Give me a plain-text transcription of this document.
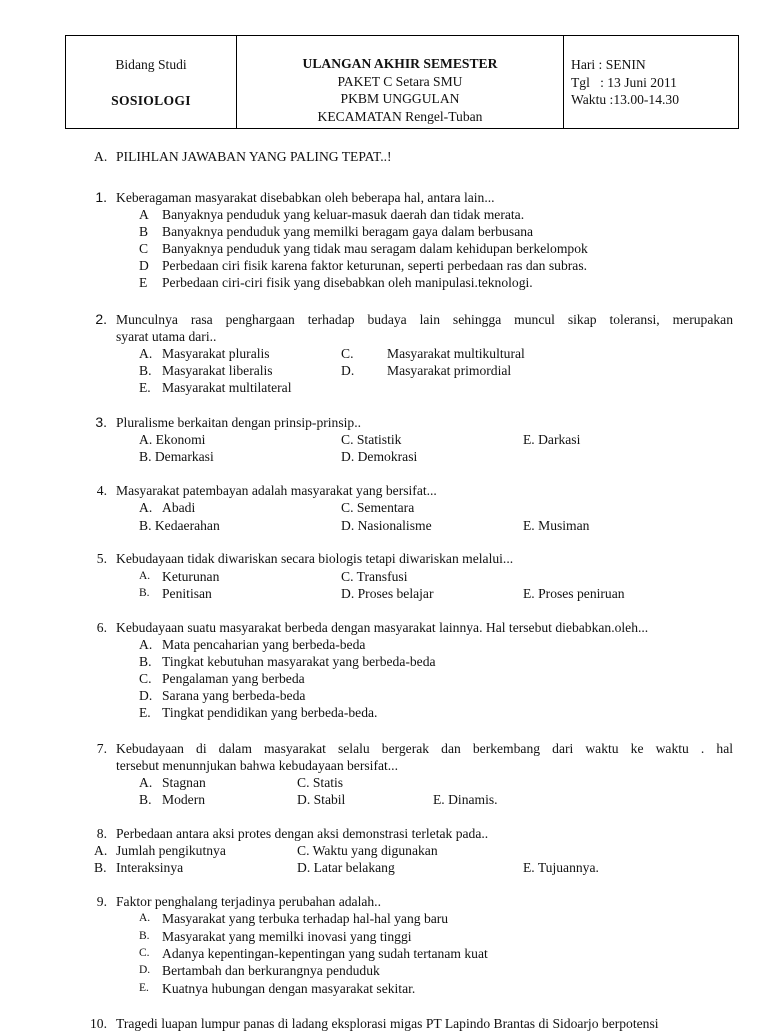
Bidang Studi
SOSIOLOGI
ULANGAN AKHIR SEMESTER
PAKET C Setara SMU
PKBM UNGGULAN
KECAMATAN Rengel-Tuban
Hari : SENIN
Tgl   : 13 Juni 2011
Waktu :13.00-14.30
A. PILIHLAN JAWABAN YANG PALING TEPAT..!
1. Keberagaman masyarakat disebabkan oleh beberapa hal, antara lain...
A Banyaknya penduduk yang keluar-masuk daerah dan tidak merata.
B	Banyaknya penduduk yang memilki beragam gaya dalam berbusana
C	Banyaknya penduduk yang tidak mau seragam dalam kehidupan berkelompok
D Perbedaan ciri fisik karena faktor keturunan, seperti perbedaan ras dan subras.
E	Perbedaan ciri-ciri fisik yang disebabkan oleh manipulasi.teknologi.
2. Munculnya rasa penghargaan terhadap budaya lain sehingga muncul sikap toleransi, merupakan
syarat utama dari..
A. Masyarakat pluralis	C. Masyarakat multikultural
B. Masyarakat liberalis	D. Masyarakat primordial
E. Masyarakat multilateral
3. Pluralisme berkaitan dengan prinsip-prinsip..
A. Ekonomi	C. Statistik	E. Darkasi
B. Demarkasi	D. Demokrasi
4. Masyarakat patembayan adalah masyarakat yang bersifat...
A. Abadi	C. Sementara
B. Kedaerahan	D. Nasionalisme	E. Musiman
5. Kebudayaan tidak diwariskan secara biologis tetapi diwariskan melalui...
A. Keturunan	C. Transfusi
B. Penitisan	D. Proses belajar	E. Proses peniruan
6. Kebudayaan suatu masyarakat berbeda dengan masyarakat lainnya. Hal tersebut diebabkan.oleh...
A. Mata pencaharian yang berbeda-beda
B. Tingkat kebutuhan masyarakat yang berbeda-beda
C. Pengalaman yang berbeda
D. Sarana yang berbeda-beda
E. Tingkat pendidikan yang berbeda-beda.
7. Kebudayaan di dalam masyarakat selalu bergerak dan berkembang dari waktu ke waktu . hal
tersebut menunnjukan bahwa kebudayaan bersifat...
A. Stagnan	C. Statis
B. Modern	D. Stabil	E. Dinamis.
8. Perbedaan antara aksi protes dengan aksi demonstrasi terletak pada..
A. Jumlah pengikutnya	C. Waktu yang digunakan
B. Interaksinya	D. Latar belakang	E. Tujuannya.
9. Faktor penghalang terjadinya perubahan adalah..
A. Masyarakat yang terbuka terhadap hal-hal yang baru
B. Masyarakat yang memilki inovasi yang tinggi
C. Adanya kepentingan-kepentingan yang sudah tertanam kuat
D. Bertambah dan berkurangnya penduduk
E. Kuatnya hubungan dengan masyarakat sekitar.
10. Tragedi luapan lumpur panas di ladang eksplorasi migas PT Lapindo Brantas di Sidoarjo berpotensi
